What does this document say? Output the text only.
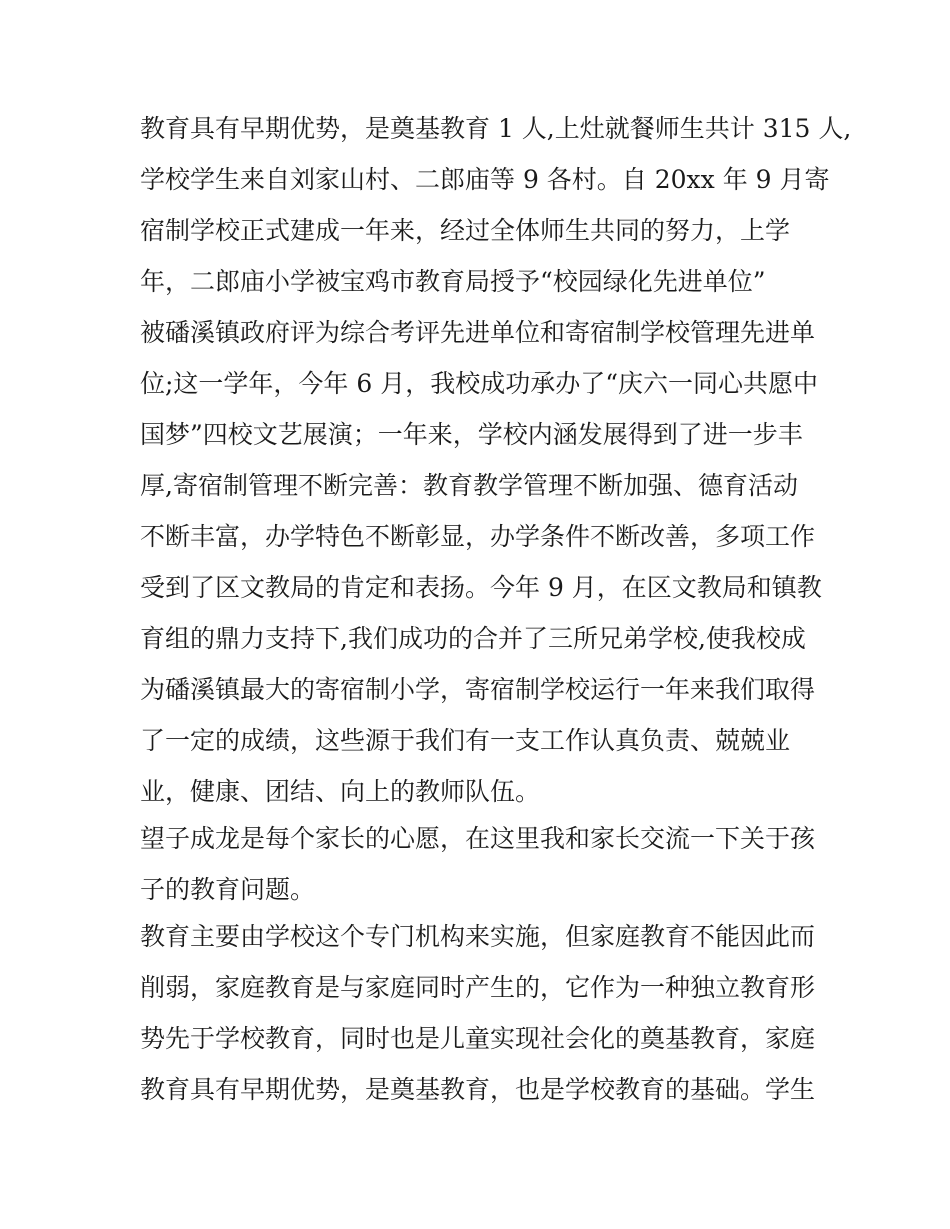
教育具有早期优势，是奠基教育 1 人,上灶就餐师生共计 315 人,
学校学生来自刘家山村、二郎庙等 9 各村。自 20xx 年 9 月寄
宿制学校正式建成一年来，经过全体师生共同的努力，上学
年，二郎庙小学被宝鸡市教育局授予“校园绿化先进单位”
被磻溪镇政府评为综合考评先进单位和寄宿制学校管理先进单
位;这一学年，今年 6 月，我校成功承办了“庆六一同心共愿中
国梦”四校文艺展演；一年来，学校内涵发展得到了进一步丰
厚,寄宿制管理不断完善：教育教学管理不断加强、德育活动
不断丰富，办学特色不断彰显，办学条件不断改善，多项工作
受到了区文教局的肯定和表扬。今年 9 月，在区文教局和镇教
育组的鼎力支持下,我们成功的合并了三所兄弟学校,使我校成
为磻溪镇最大的寄宿制小学，寄宿制学校运行一年来我们取得
了一定的成绩，这些源于我们有一支工作认真负责、兢兢业
业，健康、团结、向上的教师队伍。
望子成龙是每个家长的心愿，在这里我和家长交流一下关于孩
子的教育问题。
教育主要由学校这个专门机构来实施，但家庭教育不能因此而
削弱，家庭教育是与家庭同时产生的，它作为一种独立教育形
势先于学校教育，同时也是儿童实现社会化的奠基教育，家庭
教育具有早期优势，是奠基教育，也是学校教育的基础。学生
